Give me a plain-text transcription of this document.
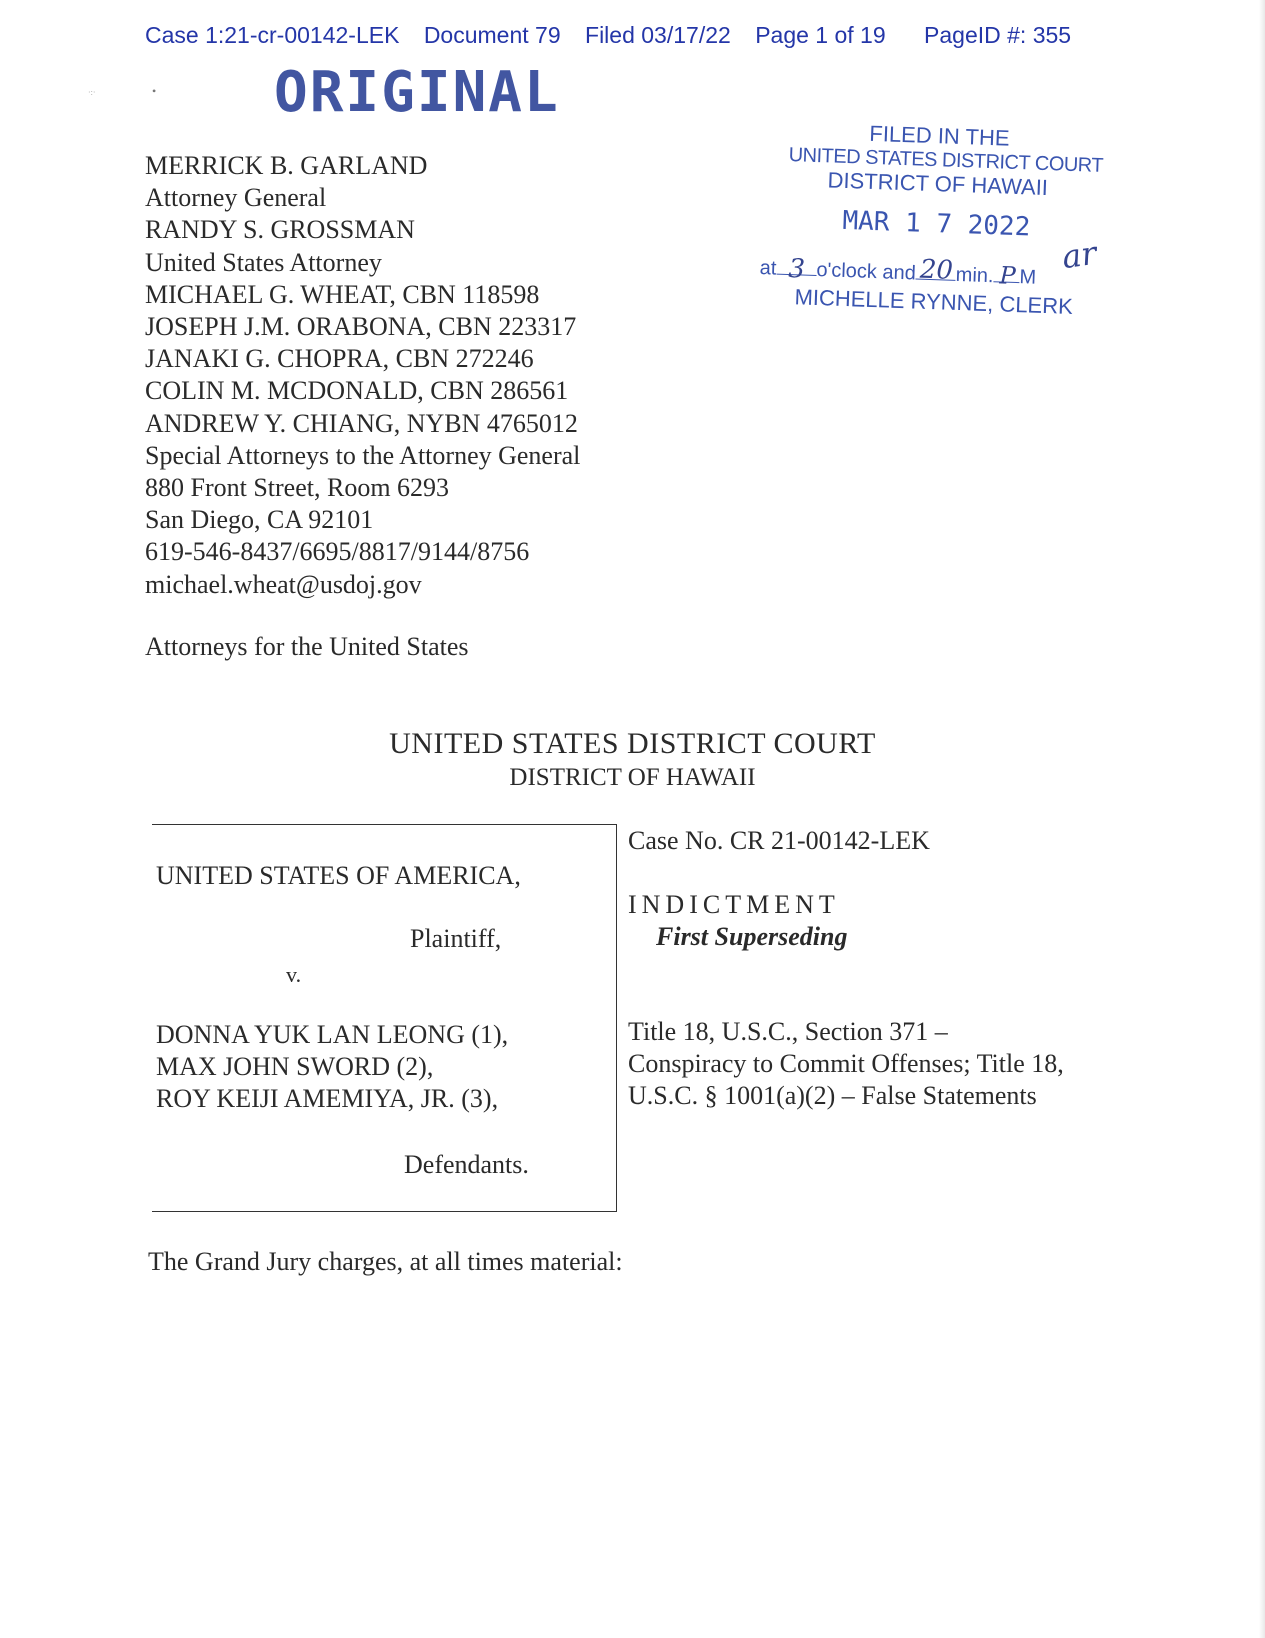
Case 1:21-cr-00142-LEK Document 79 Filed 03/17/22 Page 1 of 19 PageID #: 355
·:·	• ORIGINAL
FILED IN THE
UNITED STATES DISTRICT COURT
DISTRICT OF HAWAII
MAR 1 7 2022
at 3 o'clock and 20 min. P M
MICHELLE RYNNE, CLERK
ar
MERRICK B. GARLAND
Attorney General
RANDY S. GROSSMAN
United States Attorney
MICHAEL G. WHEAT, CBN 118598
JOSEPH J.M. ORABONA, CBN 223317
JANAKI G. CHOPRA, CBN 272246
COLIN M. MCDONALD, CBN 286561
ANDREW Y. CHIANG, NYBN 4765012
Special Attorneys to the Attorney General
880 Front Street, Room 6293
San Diego, CA 92101
619-546-8437/6695/8817/9144/8756
michael.wheat@usdoj.gov
Attorneys for the United States
UNITED STATES DISTRICT COURT
DISTRICT OF HAWAII
UNITED STATES OF AMERICA,
Plaintiff,
v.
DONNA YUK LAN LEONG (1),
MAX JOHN SWORD (2),
ROY KEIJI AMEMIYA, JR. (3),
Defendants.
Case No. CR 21-00142-LEK
INDICTMENT
First Superseding
Title 18, U.S.C., Section 371 –
Conspiracy to Commit Offenses; Title 18,
U.S.C. § 1001(a)(2) – False Statements
The Grand Jury charges, at all times material:
